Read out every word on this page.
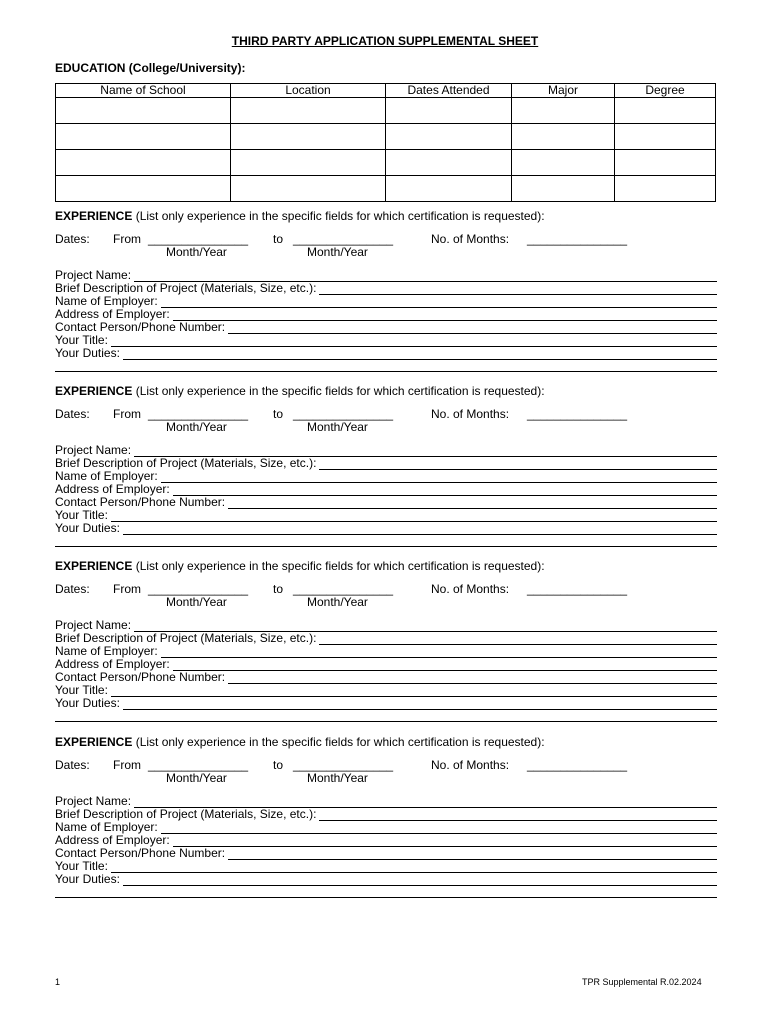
THIRD PARTY APPLICATION SUPPLEMENTAL SHEET
EDUCATION (College/University):
Name of School	Location	Dates Attended	Major	Degree

EXPERIENCE (List only experience in the specific fields for which certification is requested):
Dates: From _______________ to _______________	No. of Months: _______________
Month/Year	Month/Year
Project Name:
Brief Description of Project (Materials, Size, etc.):
Name of Employer:
Address of Employer:
Contact Person/Phone Number:
Your Title:
Your Duties:
EXPERIENCE (List only experience in the specific fields for which certification is requested):
Dates: From _______________ to _______________	No. of Months: _______________
Month/Year	Month/Year
Project Name:
Brief Description of Project (Materials, Size, etc.):
Name of Employer:
Address of Employer:
Contact Person/Phone Number:
Your Title:
Your Duties:
EXPERIENCE (List only experience in the specific fields for which certification is requested):
Dates: From _______________ to _______________	No. of Months: _______________
Month/Year	Month/Year
Project Name:
Brief Description of Project (Materials, Size, etc.):
Name of Employer:
Address of Employer:
Contact Person/Phone Number:
Your Title:
Your Duties:
EXPERIENCE (List only experience in the specific fields for which certification is requested):
Dates: From _______________ to _______________	No. of Months: _______________
Month/Year	Month/Year
Project Name:
Brief Description of Project (Materials, Size, etc.):
Name of Employer:
Address of Employer:
Contact Person/Phone Number:
Your Title:
Your Duties:
1	TPR Supplemental R.02.2024
